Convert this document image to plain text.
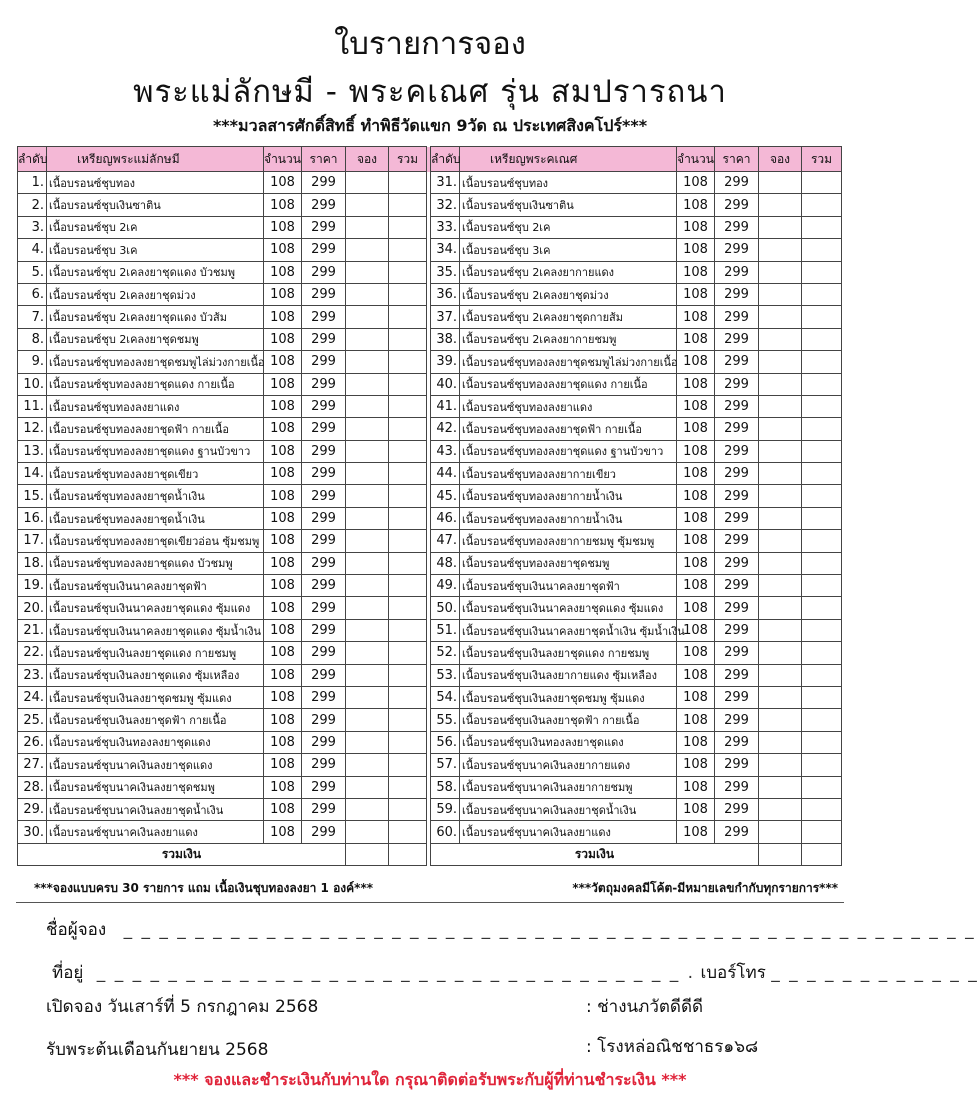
ใบรายการจอง
พระแม่ลักษมี - พระคเณศ รุ่น สมปรารถนา
***มวลสารศักดิ์สิทธิ์ ทำพิธีวัดแขก 9วัด ณ ประเทศสิงคโปร์***
ลำดับ	เหรียญพระแม่ลักษมี	จำนวน	ราคา	จอง	รวม		ลำดับ	เหรียญพระคเณศ	จำนวน	ราคา	จอง	รวม
1.	เนื้อบรอนซ์ชุบทอง	108	299				31.	เนื้อบรอนซ์ชุบทอง	108	299		
2.	เนื้อบรอนซ์ชุบเงินซาติน	108	299				32.	เนื้อบรอนซ์ชุบเงินซาติน	108	299		
3.	เนื้อบรอนซ์ชุบ 2เค	108	299				33.	เนื้อบรอนซ์ชุบ 2เค	108	299		
4.	เนื้อบรอนซ์ชุบ 3เค	108	299				34.	เนื้อบรอนซ์ชุบ 3เค	108	299		
5.	เนื้อบรอนซ์ชุบ 2เคลงยาชุดแดง บัวชมพู	108	299				35.	เนื้อบรอนซ์ชุบ 2เคลงยากายแดง	108	299		
6.	เนื้อบรอนซ์ชุบ 2เคลงยาชุดม่วง	108	299				36.	เนื้อบรอนซ์ชุบ 2เคลงยาชุดม่วง	108	299		
7.	เนื้อบรอนซ์ชุบ 2เคลงยาชุดแดง บัวส้ม	108	299				37.	เนื้อบรอนซ์ชุบ 2เคลงยาชุดกายส้ม	108	299		
8.	เนื้อบรอนซ์ชุบ 2เคลงยาชุดชมพู	108	299				38.	เนื้อบรอนซ์ชุบ 2เคลงยากายชมพู	108	299		
9.	เนื้อบรอนซ์ชุบทองลงยาชุดชมพูไล่ม่วงกายเนื้อ	108	299				39.	เนื้อบรอนซ์ชุบทองลงยาชุดชมพูไล่ม่วงกายเนื้อ	108	299		
10.	เนื้อบรอนซ์ชุบทองลงยาชุดแดง กายเนื้อ	108	299				40.	เนื้อบรอนซ์ชุบทองลงยาชุดแดง กายเนื้อ	108	299		
11.	เนื้อบรอนซ์ชุบทองลงยาแดง	108	299				41.	เนื้อบรอนซ์ชุบทองลงยาแดง	108	299		
12.	เนื้อบรอนซ์ชุบทองลงยาชุดฟ้า กายเนื้อ	108	299				42.	เนื้อบรอนซ์ชุบทองลงยาชุดฟ้า กายเนื้อ	108	299		
13.	เนื้อบรอนซ์ชุบทองลงยาชุดแดง ฐานบัวขาว	108	299				43.	เนื้อบรอนซ์ชุบทองลงยาชุดแดง ฐานบัวขาว	108	299		
14.	เนื้อบรอนซ์ชุบทองลงยาชุดเขียว	108	299				44.	เนื้อบรอนซ์ชุบทองลงยากายเขียว	108	299		
15.	เนื้อบรอนซ์ชุบทองลงยาชุดน้ำเงิน	108	299				45.	เนื้อบรอนซ์ชุบทองลงยากายน้ำเงิน	108	299		
16.	เนื้อบรอนซ์ชุบทองลงยาชุดน้ำเงิน	108	299				46.	เนื้อบรอนซ์ชุบทองลงยากายน้ำเงิน	108	299		
17.	เนื้อบรอนซ์ชุบทองลงยาชุดเขียวอ่อน ซุ้มชมพู	108	299				47.	เนื้อบรอนซ์ชุบทองลงยากายชมพู ซุ้มชมพู	108	299		
18.	เนื้อบรอนซ์ชุบทองลงยาชุดแดง บัวชมพู	108	299				48.	เนื้อบรอนซ์ชุบทองลงยาชุดชมพู	108	299		
19.	เนื้อบรอนซ์ชุบเงินนาคลงยาชุดฟ้า	108	299				49.	เนื้อบรอนซ์ชุบเงินนาคลงยาชุดฟ้า	108	299		
20.	เนื้อบรอนซ์ชุบเงินนาคลงยาชุดแดง ซุ้มแดง	108	299				50.	เนื้อบรอนซ์ชุบเงินนาคลงยาชุดแดง ซุ้มแดง	108	299		
21.	เนื้อบรอนซ์ชุบเงินนาคลงยาชุดแดง ซุ้มน้ำเงิน	108	299				51.	เนื้อบรอนซ์ชุบเงินนาคลงยาชุดน้ำเงิน ซุ้มน้ำเงิน	108	299		
22.	เนื้อบรอนซ์ชุบเงินลงยาชุดแดง กายชมพู	108	299				52.	เนื้อบรอนซ์ชุบเงินลงยาชุดแดง กายชมพู	108	299		
23.	เนื้อบรอนซ์ชุบเงินลงยาชุดแดง ซุ้มเหลือง	108	299				53.	เนื้อบรอนซ์ชุบเงินลงยากายแดง ซุ้มเหลือง	108	299		
24.	เนื้อบรอนซ์ชุบเงินลงยาชุดชมพู ซุ้มแดง	108	299				54.	เนื้อบรอนซ์ชุบเงินลงยาชุดชมพู ซุ้มแดง	108	299		
25.	เนื้อบรอนซ์ชุบเงินลงยาชุดฟ้า กายเนื้อ	108	299				55.	เนื้อบรอนซ์ชุบเงินลงยาชุดฟ้า กายเนื้อ	108	299		
26.	เนื้อบรอนซ์ชุบเงินทองลงยาชุดแดง	108	299				56.	เนื้อบรอนซ์ชุบเงินทองลงยาชุดแดง	108	299		
27.	เนื้อบรอนซ์ชุบนาคเงินลงยาชุดแดง	108	299				57.	เนื้อบรอนซ์ชุบนาคเงินลงยากายแดง	108	299		
28.	เนื้อบรอนซ์ชุบนาคเงินลงยาชุดชมพู	108	299				58.	เนื้อบรอนซ์ชุบนาคเงินลงยากายชมพู	108	299		
29.	เนื้อบรอนซ์ชุบนาคเงินลงยาชุดน้ำเงิน	108	299				59.	เนื้อบรอนซ์ชุบนาคเงินลงยาชุดน้ำเงิน	108	299		
30.	เนื้อบรอนซ์ชุบนาคเงินลงยาแดง	108	299				60.	เนื้อบรอนซ์ชุบนาคเงินลงยาแดง	108	299		
รวมเงิน							รวมเงิน					
***จองแบบครบ 30 รายการ แถม เนื้อเงินชุบทองลงยา 1 องค์***	***วัตถุมงคลมีโค้ต-มีหมายเลขกำกับทุกรายการ***
ชื่อผู้จอง _ _ _ _ _ _ _ _ _ _ _ _ _ _ _ _ _ _ _ _ _ _ _ _ _ _ _ _ _ _ _ _ _ _ _ _ _ _ _ _ _ _ _ _ _ _ _ _
ที่อยู่ _ _ _ _ _ _ _ _ _ _ _ _ _ _ _ _ _ _ _ _ _ _ _ _ _ _ _ _ _ _ _ _ _ . เบอร์โทร _ _ _ _ _ _ _ _ _ _ _ _
เปิดจอง วันเสาร์ที่ 5 กรกฎาคม 2568	: ช่างนภวัตดีดีดี
รับพระต้นเดือนกันยายน 2568	: โรงหล่อณิชชาธร๑๖๘
*** จองและชำระเงินกับท่านใด กรุณาติดต่อรับพระกับผู้ที่ท่านชำระเงิน ***
